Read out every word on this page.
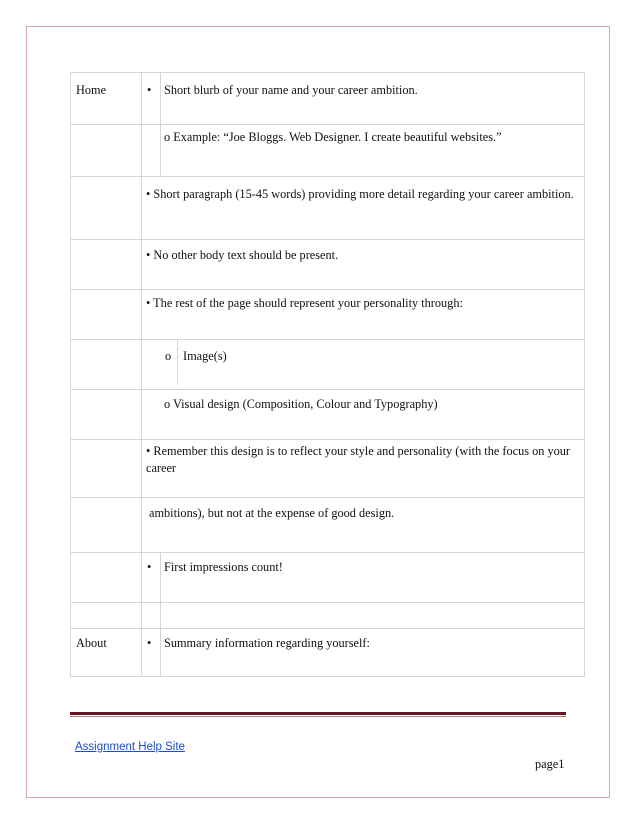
Home	• Short blurb of your name and your career ambition.
o Example: “Joe Bloggs. Web Designer. I create beautiful websites.”
• Short paragraph (15-45 words) providing more detail regarding your career ambition.
• No other body text should be present.
• The rest of the page should represent your personality through:
o Image(s)
o Visual design (Composition, Colour and Typography)
• Remember this design is to reflect your style and personality (with the focus on your career
ambitions), but not at the expense of good design.
• First impressions count!
About	• Summary information regarding yourself:
Assignment Help Site
page1
